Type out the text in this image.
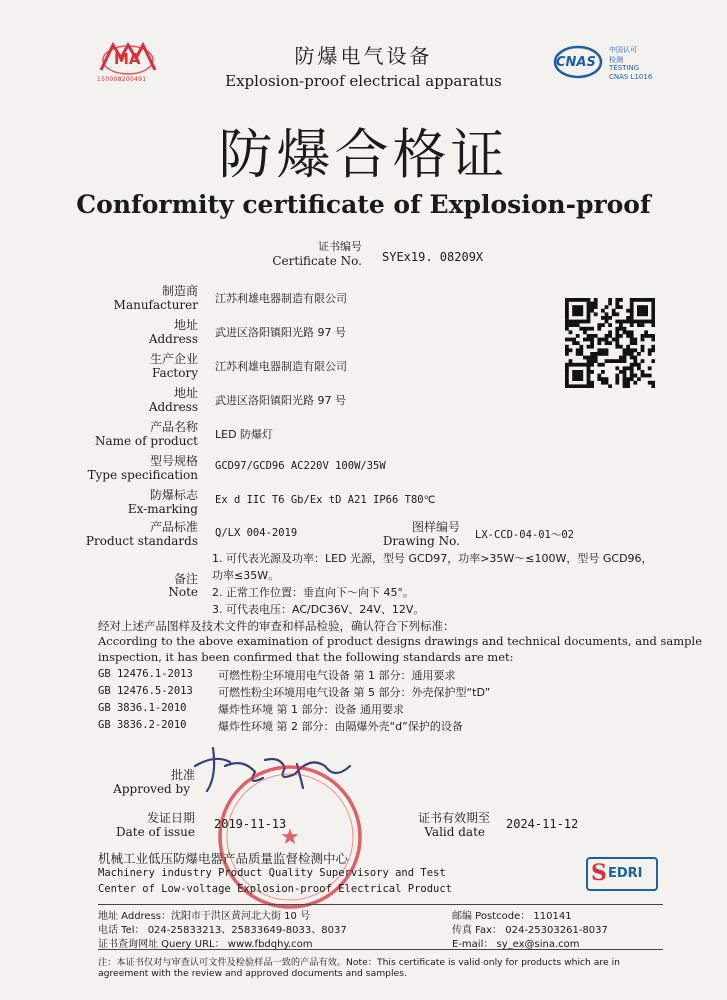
MA
150008200491
防爆电气设备
Explosion-proof electrical apparatus
CNAS
中国认可
检测
TESTING
CNAS L1016
防爆合格证
Conformity certificate of Explosion-proof
证书编号
Certificate No. SYEx19. 08209X
制造商
Manufacturer 江苏利雄电器制造有限公司
地址
Address 武进区洛阳镇阳光路 97 号
生产企业
Factory 江苏利雄电器制造有限公司
地址
Address 武进区洛阳镇阳光路 97 号
产品名称
Name of product LED 防爆灯
型号规格
Type specification
GCD97/GCD96 AC220V 100W/35W
防爆标志
Ex-marking
Ex d IIC T6 Gb/Ex tD A21 IP66 T80℃
产品标准
Product standards
Q/LX 004-2019	图样编号
Drawing No. LX-CCD-04-01～02
备注
Note
1. 可代表光源及功率：LED 光源，型号 GCD97，功率>35W～≤100W，型号 GCD96，
功率≤35W。
2. 正常工作位置：垂直向下～向下 45°。
3. 可代表电压：AC/DC36V、24V、12V。
经对上述产品图样及技术文件的审查和样品检验，确认符合下列标准：
According to the above examination of product designs drawings and technical documents, and sample
inspection, it has been confirmed that the following standards are met:
GB 12476.1-2013 可燃性粉尘环境用电气设备 第 1 部分：通用要求
GB 12476.5-2013 可燃性粉尘环境用电气设备 第 5 部分：外壳保护型“tD”
GB 3836.1-2010	爆炸性环境 第 1 部分：设备 通用要求
GB 3836.2-2010	爆炸性环境 第 2 部分：由隔爆外壳“d”保护的设备
批准
Approved by
★
发证日期
Date of issue
2019-11-13	证书有效期至
Valid date
2024-11-12
机械工业低压防爆电器产品质量监督检测中心
Machinery industry Product Quality Supervisory and Test
Center of Low-voltage Explosion-proof Electrical Product
S EDRI
地址 Address：沈阳市于洪区黄河北大街 10 号	邮编 Postcode： 110141
电话 Tel： 024-25833213、25833649-8033、8037	传真 Fax： 024-25303261-8037
证书查询网址 Query URL： www.fbdqhy.com	E-mail： sy_ex@sina.com
注：本证书仅对与审查认可文件及检验样品一致的产品有效。Note：This certificate is valid only for products which are in
agreement with the review and approved documents and samples.
